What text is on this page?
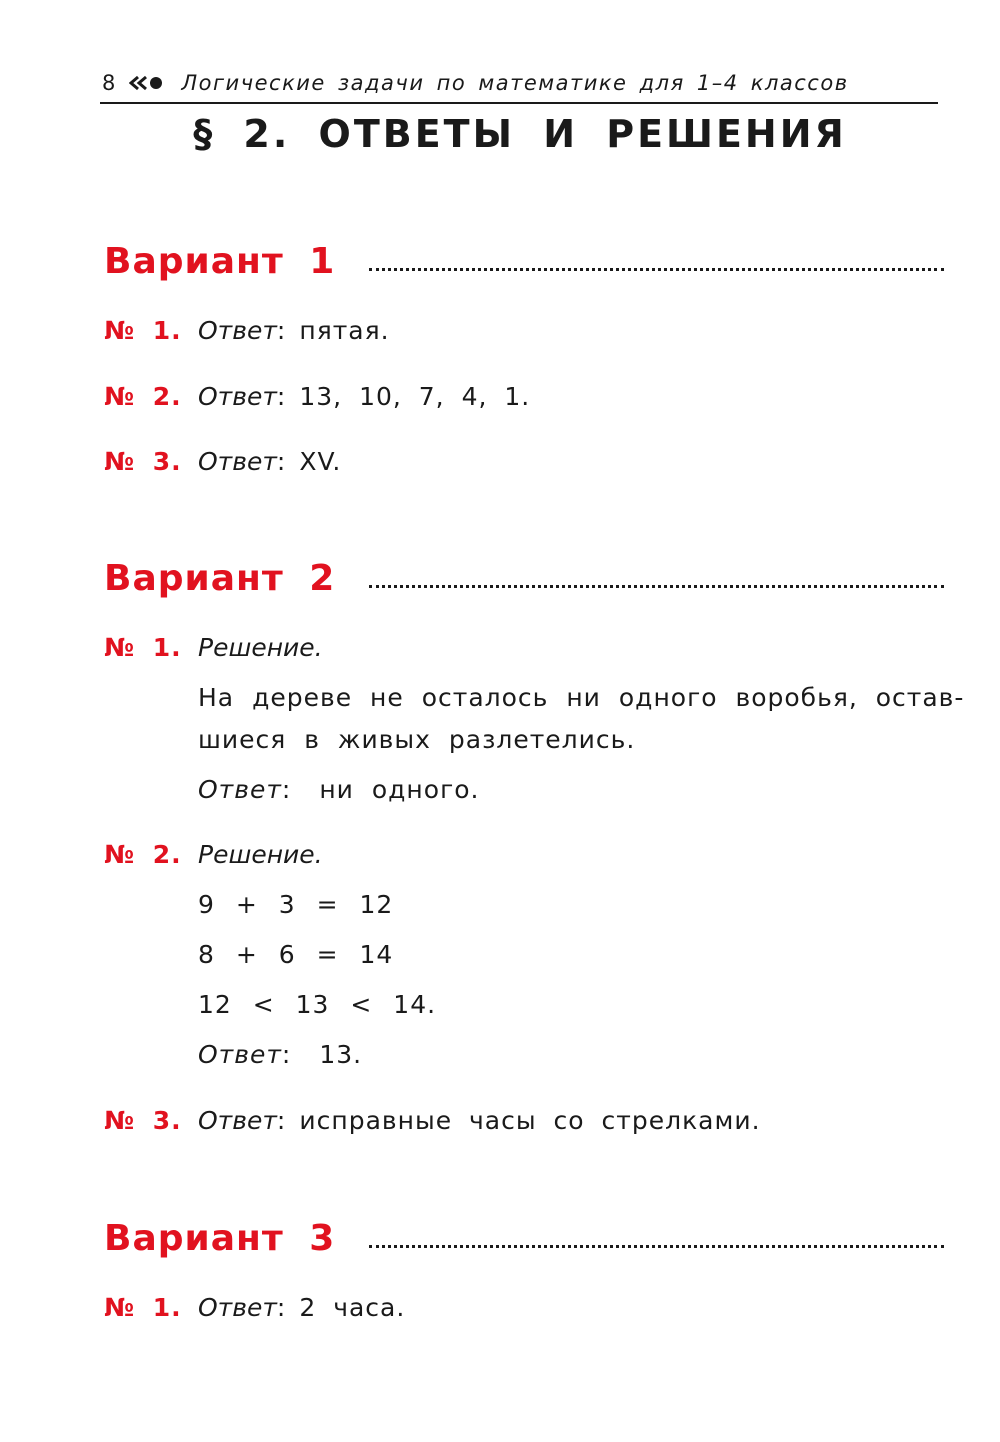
8	Логические задачи по математике для 1–4 классов
§ 2. ОТВЕТЫ И РЕШЕНИЯ
Вариант 1
№ 1. Ответ : пятая.
№ 2. Ответ : 13, 10, 7, 4, 1.
№ 3. Ответ : XV.
Вариант 2
№ 1. Решение.
На дереве не осталось ни одного воробья, остав-
шиеся в живых разлетелись.
Ответ: ни одного.
№ 2. Решение.
9 + 3 = 12
8 + 6 = 14
12 < 13 < 14.
Ответ: 13.
№ 3. Ответ : исправные часы со стрелками.
Вариант 3
№ 1. Ответ : 2 часа.
